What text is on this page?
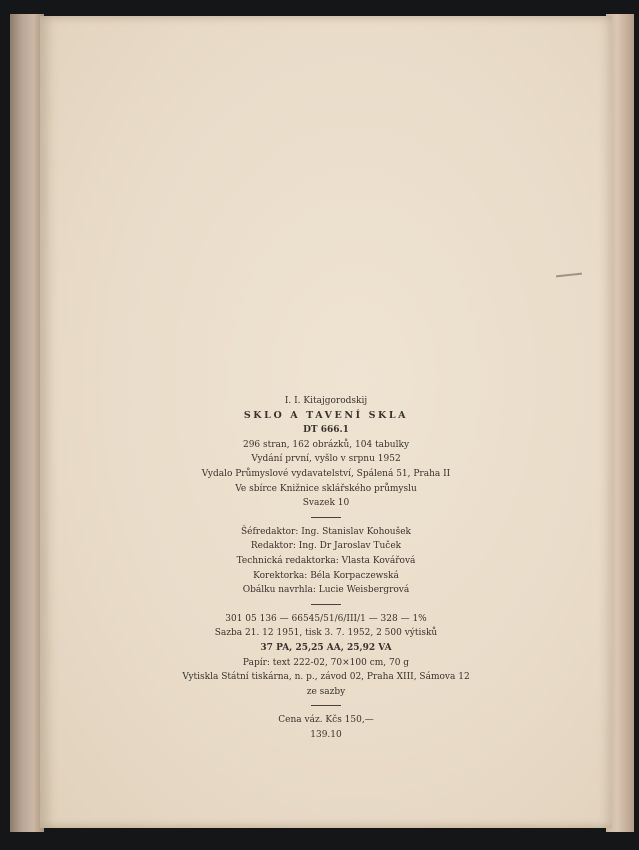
I. I. Kitajgorodskij
SKLO A TAVENÍ SKLA
DT 666.1
296 stran, 162 obrázků, 104 tabulky
Vydání první, vyšlo v srpnu 1952
Vydalo Průmyslové vydavatelství, Spálená 51, Praha II
Ve sbírce Knižnice sklářského průmyslu
Svazek 10
Šéfredaktor: Ing. Stanislav Kohoušek
Redaktor: Ing. Dr Jaroslav Tuček
Technická redaktorka: Vlasta Kovářová
Korektorka: Béla Korpaczewská
Obálku navrhla: Lucie Weisbergrová
301 05 136 — 66545/51/6/III/1 — 328 — 1%
Sazba 21. 12 1951, tisk 3. 7. 1952, 2 500 výtisků
37 PA, 25,25 AA, 25,92 VA
Papír: text 222-02, 70×100 cm, 70 g
Vytiskla Státní tiskárna, n. p., závod 02, Praha XIII, Sámova 12
ze sazby
Cena váz. Kčs 150,—
139.10
